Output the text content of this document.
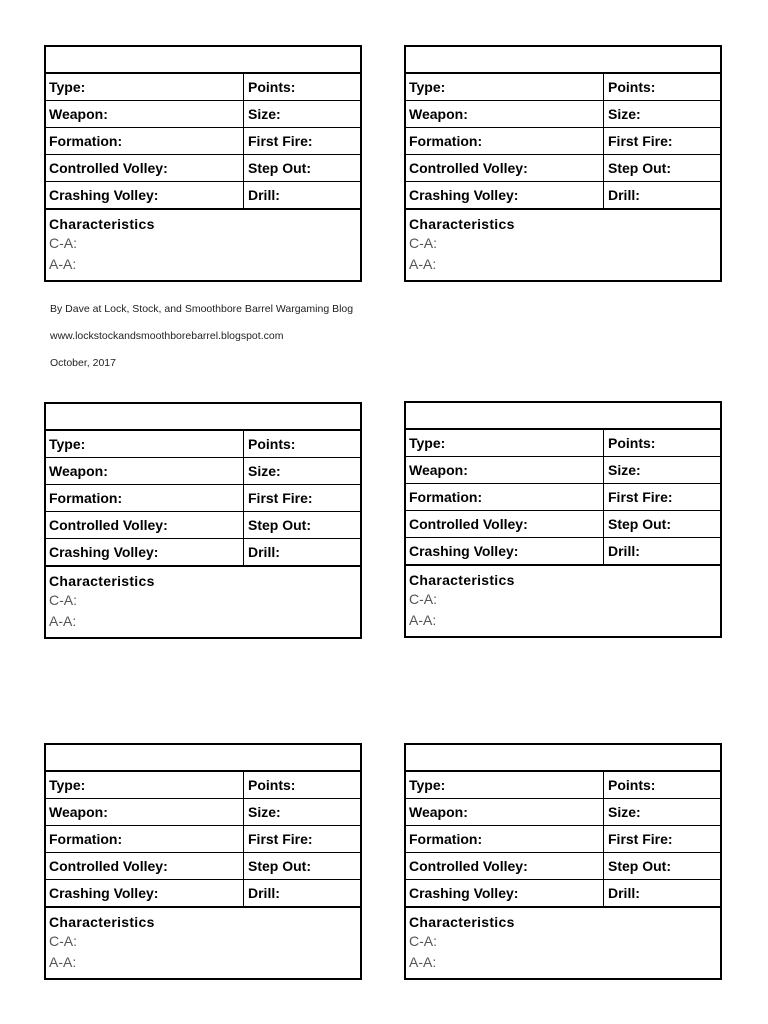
Type:	Points:
Weapon:	Size:
Formation:	First Fire:
Controlled Volley:	Step Out:
Crashing Volley:	Drill:
Characteristics
C-A:
A-A:
Type:	Points:
Weapon:	Size:
Formation:	First Fire:
Controlled Volley:	Step Out:
Crashing Volley:	Drill:
Characteristics
C-A:
A-A:
By Dave at Lock, Stock, and Smoothbore Barrel Wargaming Blog
www.lockstockandsmoothborebarrel.blogspot.com
October, 2017
Type:	Points:
Weapon:	Size:
Formation:	First Fire:
Controlled Volley:	Step Out:
Crashing Volley:	Drill:
Characteristics
C-A:
A-A:
Type:	Points:
Weapon:	Size:
Formation:	First Fire:
Controlled Volley:	Step Out:
Crashing Volley:	Drill:
Characteristics
C-A:
A-A:
Type:	Points:
Weapon:	Size:
Formation:	First Fire:
Controlled Volley:	Step Out:
Crashing Volley:	Drill:
Characteristics
C-A:
A-A:
Type:	Points:
Weapon:	Size:
Formation:	First Fire:
Controlled Volley:	Step Out:
Crashing Volley:	Drill:
Characteristics
C-A:
A-A:
